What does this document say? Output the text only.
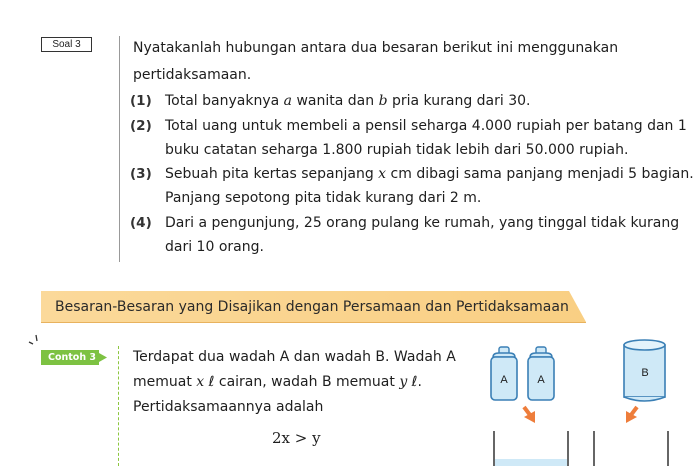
Soal 3	Nyatakanlah hubungan antara dua besaran berikut ini menggunakan pertidaksamaan.
(1) Total banyaknya a wanita dan b pria kurang dari 30.
(2) Total uang untuk membeli a pensil seharga 4.000 rupiah per batang dan 1 buku catatan seharga 1.800 rupiah tidak lebih dari 50.000 rupiah.
(3) Sebuah pita kertas sepanjang x cm dibagi sama panjang menjadi 5 bagian. Panjang sepotong pita tidak kurang dari 2 m.
(4) Dari a pengunjung, 25 orang pulang ke rumah, yang tinggal tidak kurang dari 10 orang.
Besaran-Besaran yang Disajikan dengan Persamaan dan Pertidaksamaan
Contoh 3	Terdapat dua wadah A dan wadah B. Wadah A memuat x ℓ cairan, wadah B memuat y ℓ. Pertidaksamaannya adalah
2x > y
A	A
B
